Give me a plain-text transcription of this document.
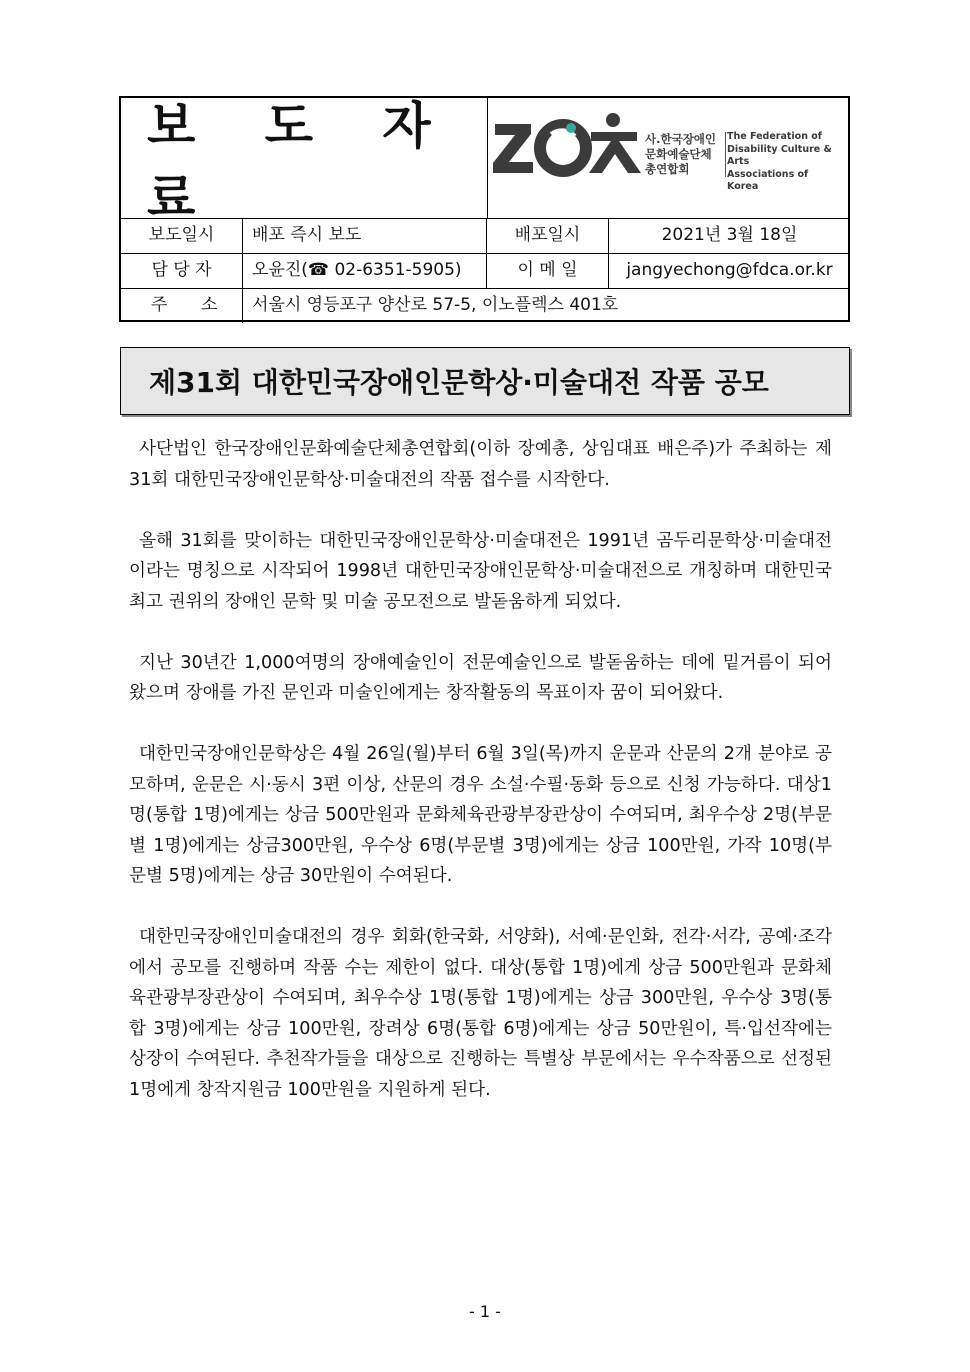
보 도 자 료
사.한국장애인
문화예술단체
총연합회
The Federation of
Disability Culture & Arts
Associations of
Korea
보도일시	배포 즉시 보도	배포일시	2021년 3월 18일
담 당 자	오윤진(☎ 02-6351-5905)	이 메 일	jangyechong@fdca.or.kr
주 소	서울시 영등포구 양산로 57-5, 이노플렉스 401호
제31회 대한민국장애인문학상·미술대전 작품 공모

사단법인 한국장애인문화예술단체총연합회(이하 장예총, 상임대표 배은주)가 주최하는 제31회 대한민국장애인문학상·미술대전의 작품 접수를 시작한다.

올해 31회를 맞이하는 대한민국장애인문학상·미술대전은 1991년 곰두리문학상·미술대전이라는 명칭으로 시작되어 1998년 대한민국장애인문학상·미술대전으로 개칭하며 대한민국 최고 권위의 장애인 문학 및 미술 공모전으로 발돋움하게 되었다.

지난 30년간 1,000여명의 장애예술인이 전문예술인으로 발돋움하는 데에 밑거름이 되어왔으며 장애를 가진 문인과 미술인에게는 창작활동의 목표이자 꿈이 되어왔다.

대한민국장애인문학상은 4월 26일(월)부터 6월 3일(목)까지 운문과 산문의 2개 분야로 공모하며, 운문은 시·동시 3편 이상, 산문의 경우 소설·수필·동화 등으로 신청 가능하다. 대상1명(통합 1명)에게는 상금 500만원과 문화체육관광부장관상이 수여되며, 최우수상 2명(부문별 1명)에게는 상금300만원, 우수상 6명(부문별 3명)에게는 상금 100만원, 가작 10명(부문별 5명)에게는 상금 30만원이 수여된다.

대한민국장애인미술대전의 경우 회화(한국화, 서양화), 서예·문인화, 전각·서각, 공예·조각에서 공모를 진행하며 작품 수는 제한이 없다. 대상(통합 1명)에게 상금 500만원과 문화체육관광부장관상이 수여되며, 최우수상 1명(통합 1명)에게는 상금 300만원, 우수상 3명(통합 3명)에게는 상금 100만원, 장려상 6명(통합 6명)에게는 상금 50만원이, 특·입선작에는 상장이 수여된다. 추천작가들을 대상으로 진행하는 특별상 부문에서는 우수작품으로 선정된 1명에게 창작지원금 100만원을 지원하게 된다.

- 1 -
